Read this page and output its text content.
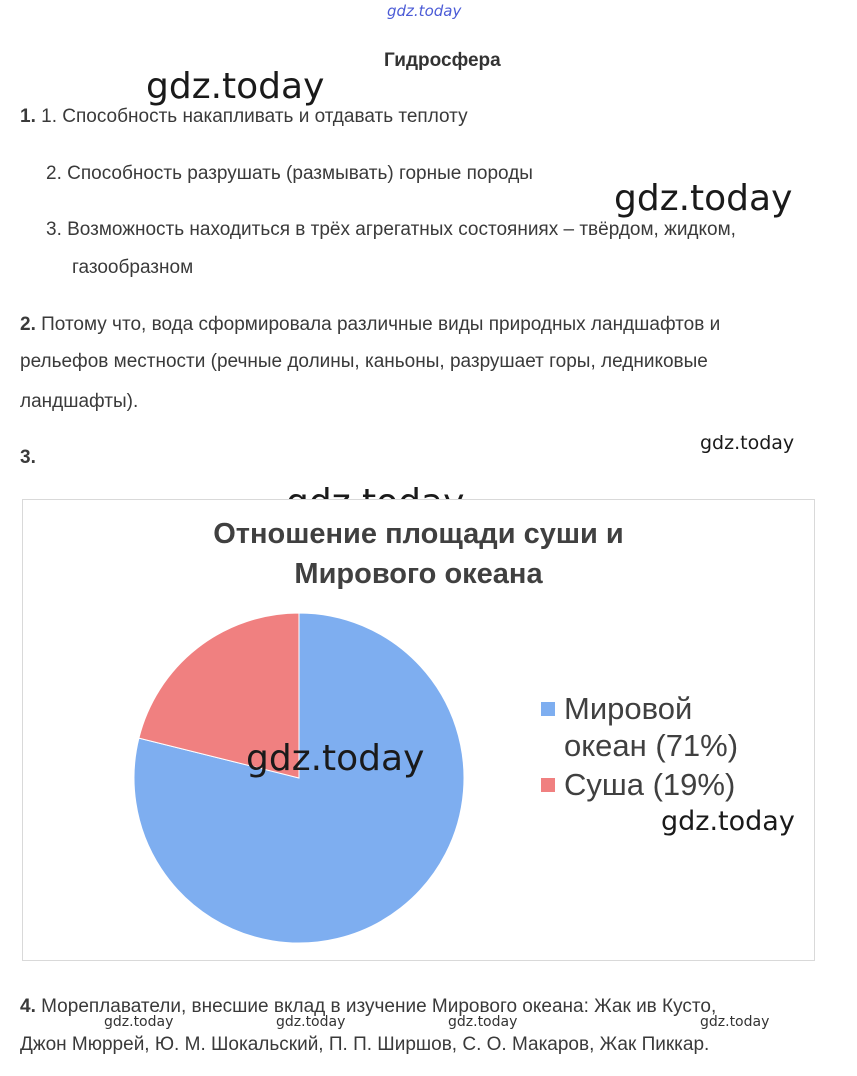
gdz.today
gdz.today
gdz.today
gdz.today
Гидросфера
1. 1. Способность накапливать и отдавать теплоту
2. Способность разрушать (размывать) горные породы
3. Возможность находиться в трёх агрегатных состояниях – твёрдом, жидком,
газообразном
2. Потому что, вода сформировала различные виды природных ландшафтов и
рельефов местности (речные долины, каньоны, разрушает горы, ледниковые
ландшафты).
3.
Отношение площади суши и
Мирового океана
Мировой
океан (71%)
Суша (19%)
gdz.today
gdz.today
4. Мореплаватели, внесшие вклад в изучение Мирового океана: Жак ив Кусто,
Джон Мюррей, Ю. М. Шокальский, П. П. Ширшов, С. О. Макаров, Жак Пиккар.
gdz.today	gdz.today	gdz.today	gdz.today
